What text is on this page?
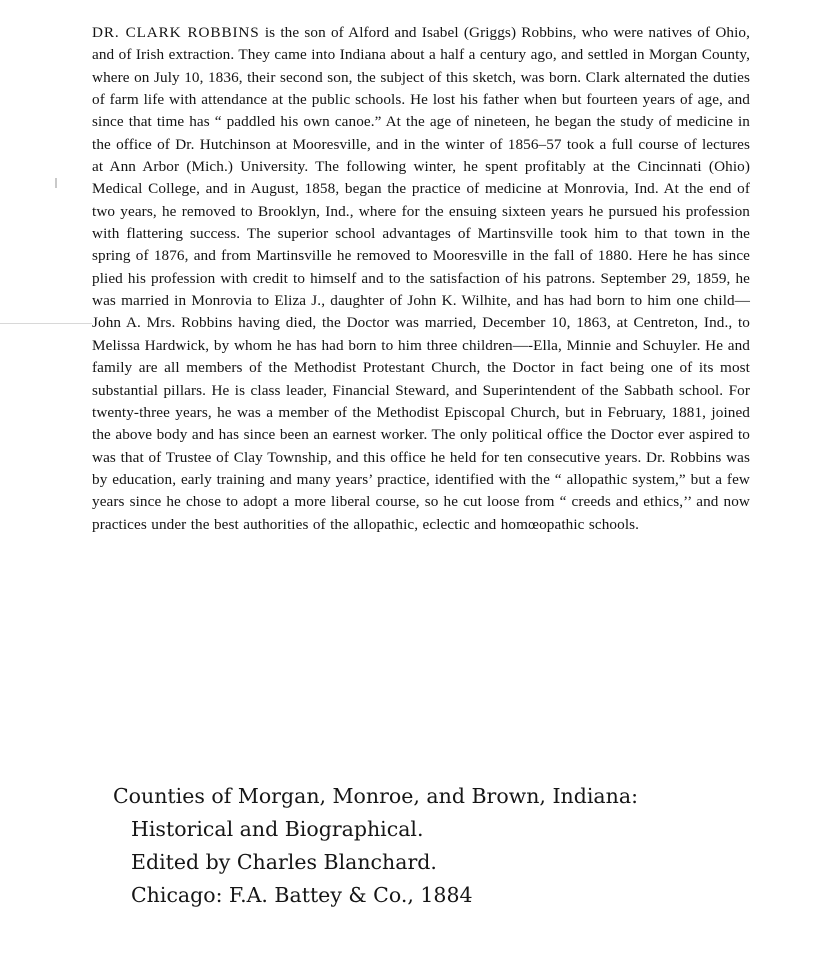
DR. CLARK ROBBINS is the son of Alford and Isabel (Griggs) Robbins, who were natives of Ohio, and of Irish extraction. They came into Indiana about a half a century ago, and settled in Morgan County, where on July 10, 1836, their second son, the subject of this sketch, was born. Clark alternated the duties of farm life with attendance at the public schools. He lost his father when but fourteen years of age, and since that time has “ paddled his own canoe.” At the age of nineteen, he began the study of medicine in the office of Dr. Hutchinson at Mooresville, and in the winter of 1856–57 took a full course of lectures at Ann Arbor (Mich.) University. The following winter, he spent profitably at the Cincinnati (Ohio) Medical College, and in August, 1858, began the practice of medicine at Monrovia, Ind. At the end of two years, he removed to Brooklyn, Ind., where for the ensuing sixteen years he pursued his profession with flattering success. The superior school advantages of Martinsville took him to that town in the spring of 1876, and from Martinsville he removed to Mooresville in the fall of 1880. Here he has since plied his profession with credit to himself and to the satisfaction of his patrons. September 29, 1859, he was married in Monrovia to Eliza J., daughter of John K. Wilhite, and has had born to him one child—John A. Mrs. Robbins having died, the Doctor was married, December 10, 1863, at Centreton, Ind., to Melissa Hardwick, by whom he has had born to him three children—-Ella, Minnie and Schuyler. He and family are all members of the Methodist Protestant Church, the Doctor in fact being one of its most substantial pillars. He is class leader, Financial Steward, and Superintendent of the Sabbath school. For twenty-three years, he was a member of the Methodist Episcopal Church, but in February, 1881, joined the above body and has since been an earnest worker. The only political office the Doctor ever aspired to was that of Trustee of Clay Township, and this office he held for ten consecutive years. Dr. Robbins was by education, early training and many years’ practice, identified with the “ allopathic system,” but a few years since he chose to adopt a more liberal course, so he cut loose from “ creeds and ethics,’’ and now practices under the best authorities of the allopathic, eclectic and homœopathic schools.

Counties of Morgan, Monroe, and Brown, Indiana:
Historical and Biographical.
Edited by Charles Blanchard.
Chicago: F.A. Battey & Co., 1884
